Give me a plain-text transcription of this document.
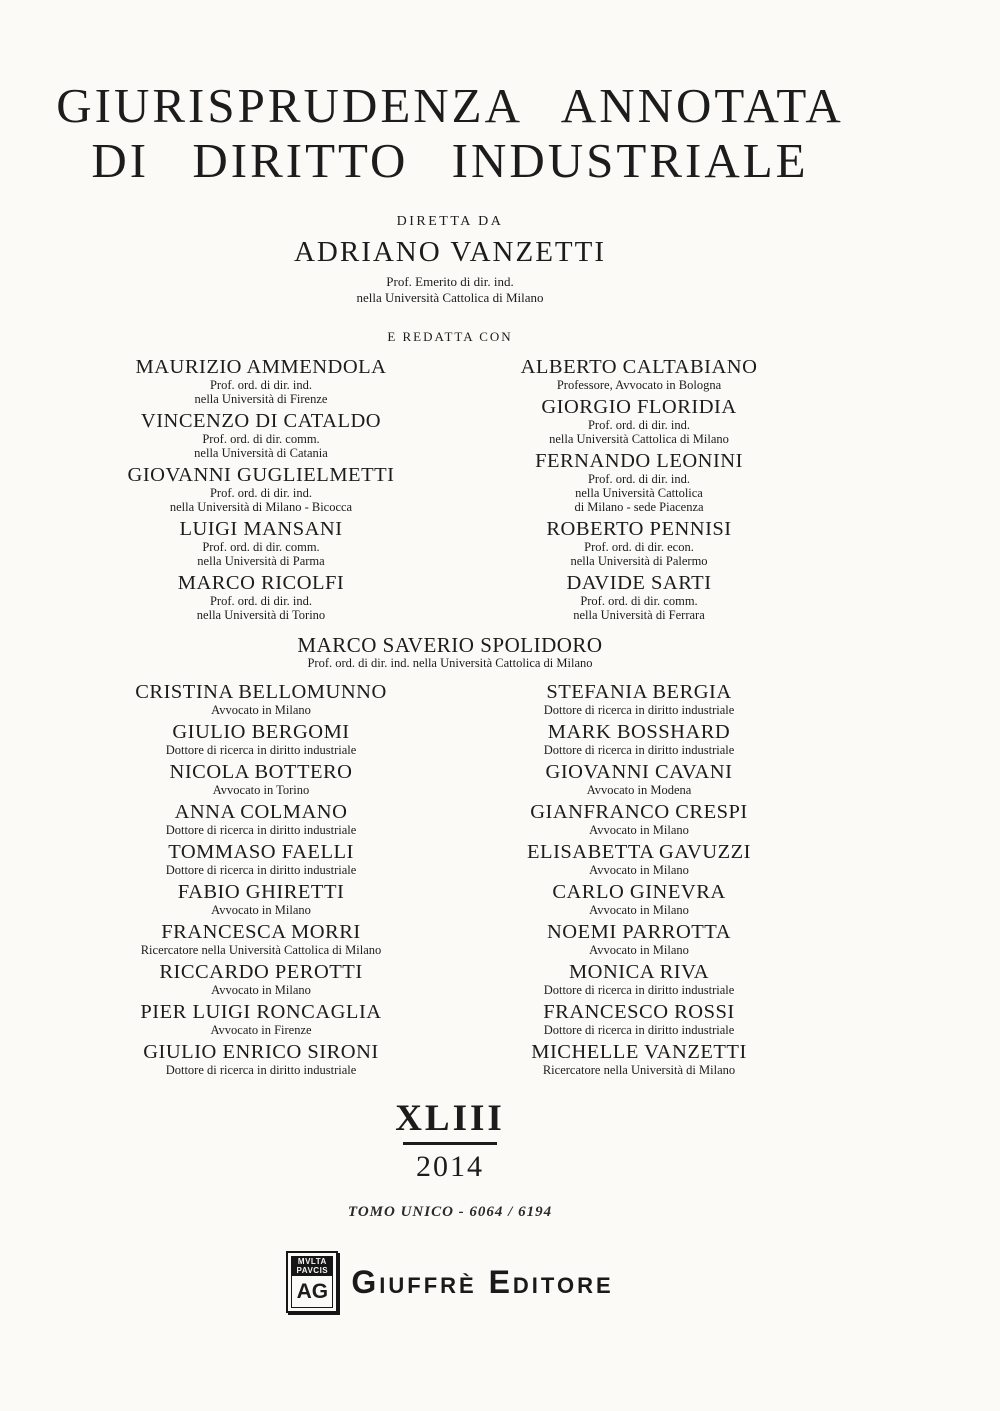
GIURISPRUDENZA ANNOTATA
DI DIRITTO INDUSTRIALE
DIRETTA DA
ADRIANO VANZETTI
Prof. Emerito di dir. ind.
nella Università Cattolica di Milano
E REDATTA CON
MAURIZIO AMMENDOLA
Prof. ord. di dir. ind.
nella Università di Firenze
VINCENZO DI CATALDO
Prof. ord. di dir. comm.
nella Università di Catania
GIOVANNI GUGLIELMETTI
Prof. ord. di dir. ind.
nella Università di Milano - Bicocca
LUIGI MANSANI
Prof. ord. di dir. comm.
nella Università di Parma
MARCO RICOLFI
Prof. ord. di dir. ind.
nella Università di Torino
ALBERTO CALTABIANO
Professore, Avvocato in Bologna
GIORGIO FLORIDIA
Prof. ord. di dir. ind.
nella Università Cattolica di Milano
FERNANDO LEONINI
Prof. ord. di dir. ind.
nella Università Cattolica
di Milano - sede Piacenza
ROBERTO PENNISI
Prof. ord. di dir. econ.
nella Università di Palermo
DAVIDE SARTI
Prof. ord. di dir. comm.
nella Università di Ferrara
MARCO SAVERIO SPOLIDORO
Prof. ord. di dir. ind. nella Università Cattolica di Milano
CRISTINA BELLOMUNNO
Avvocato in Milano
GIULIO BERGOMI
Dottore di ricerca in diritto industriale
NICOLA BOTTERO
Avvocato in Torino
ANNA COLMANO
Dottore di ricerca in diritto industriale
TOMMASO FAELLI
Dottore di ricerca in diritto industriale
FABIO GHIRETTI
Avvocato in Milano
FRANCESCA MORRI
Ricercatore nella Università Cattolica di Milano
RICCARDO PEROTTI
Avvocato in Milano
PIER LUIGI RONCAGLIA
Avvocato in Firenze
GIULIO ENRICO SIRONI
Dottore di ricerca in diritto industriale
STEFANIA BERGIA
Dottore di ricerca in diritto industriale
MARK BOSSHARD
Dottore di ricerca in diritto industriale
GIOVANNI CAVANI
Avvocato in Modena
GIANFRANCO CRESPI
Avvocato in Milano
ELISABETTA GAVUZZI
Avvocato in Milano
CARLO GINEVRA
Avvocato in Milano
NOEMI PARROTTA
Avvocato in Milano
MONICA RIVA
Dottore di ricerca in diritto industriale
FRANCESCO ROSSI
Dottore di ricerca in diritto industriale
MICHELLE VANZETTI
Ricercatore nella Università di Milano
XLIII
2014
TOMO UNICO - 6064 / 6194
MVLTA
PAVCIS
AG Giuffrè Editore
